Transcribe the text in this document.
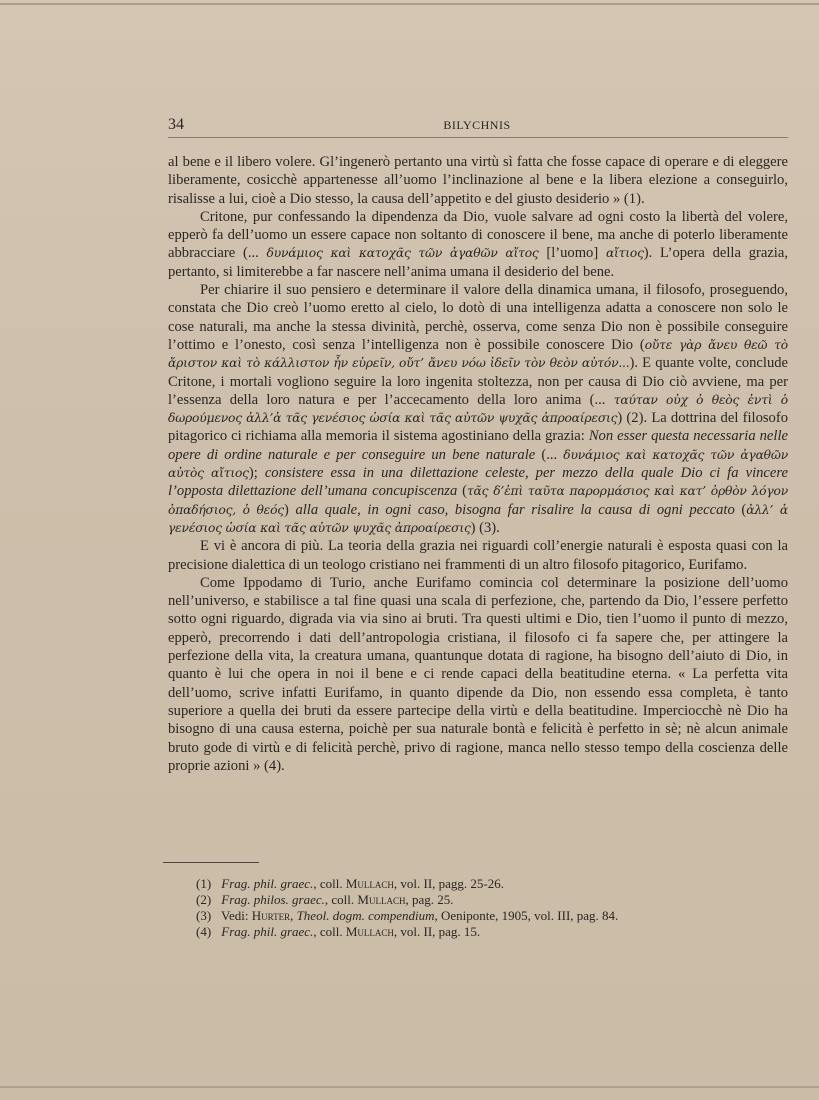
34	BILYCHNIS

al bene e il libero volere. Gl’ingenerò pertanto una virtù sì fatta che fosse capace di operare e di eleggere liberamente, cosicchè appartenesse all’uomo l’inclinazione al bene e la libera elezione a conseguirlo, risalisse a lui, cioè a Dio stesso, la causa dell’appetito e del giusto desiderio » (1).

Critone, pur confessando la dipendenza da Dio, vuole salvare ad ogni costo la libertà del volere, epperò fa dell’uomo un essere capace non soltanto di conoscere il bene, ma anche di poterlo liberamente abbracciare (... δυνάμιος καὶ κατοχᾶς τῶν ἀγαθῶν αἴτος [l’uomo] αἴτιος). L’opera della grazia, pertanto, si limiterebbe a far nascere nell’anima umana il desiderio del bene.

Per chiarire il suo pensiero e determinare il valore della dinamica umana, il filosofo, proseguendo, constata che Dio creò l’uomo eretto al cielo, lo dotò di una intelligenza adatta a conoscere non solo le cose naturali, ma anche la stessa divinità, perchè, osserva, come senza Dio non è possibile conseguire l’ottimo e l’onesto, così senza l’intelligenza non è possibile conoscere Dio (οὔτε γὰρ ἄνευ θεῶ τὸ ἄριστον καὶ τὸ κάλλιστον ἦν εὑρεῖν, οὔτ’ ἄνευ νόω ἰδεῖν τὸν θεὸν αὐτόν...). E quante volte, conclude Critone, i mortali vogliono seguire la loro ingenita stoltezza, non per causa di Dio ciò avviene, ma per l’essenza della loro natura e per l’accecamento della loro anima (... ταύταν οὐχ ὁ θεὸς ἐντὶ ὁ δωρούμενος ἀλλ’ἁ τᾶς γενέσιος ὡσία καὶ τᾶς αὐτῶν ψυχᾶς ἀπροαίρεσις) (2). La dottrina del filosofo pitagorico ci richiama alla memoria il sistema agostiniano della grazia: Non esser questa necessaria nelle opere di ordine naturale e per conseguire un bene naturale (... δυνάμιος καὶ κατοχᾶς τῶν ἀγαθῶν αὐτὸς αἴτιος); consistere essa in una dilettazione celeste, per mezzo della quale Dio ci fa vincere l’opposta dilettazione dell’umana concupiscenza (τᾶς δ’ἐπὶ ταῦτα παρορμάσιος καὶ κατ’ ὀρθὸν λόγον ὁπαδήσιος, ὁ θεός) alla quale, in ogni caso, bisogna far risalire la causa di ogni peccato (ἀλλ’ ἁ γενέσιος ὡσία καὶ τᾶς αὐτῶν ψυχᾶς ἀπροαίρεσις) (3).

E vi è ancora di più. La teoria della grazia nei riguardi coll’energie naturali è esposta quasi con la precisione dialettica di un teologo cristiano nei frammenti di un altro filosofo pitagorico, Eurifamo.

Come Ippodamo di Turio, anche Eurifamo comincia col determinare la posizione dell’uomo nell’universo, e stabilisce a tal fine quasi una scala di perfezione, che, partendo da Dio, l’essere perfetto sotto ogni riguardo, digrada via via sino ai bruti. Tra questi ultimi e Dio, tien l’uomo il punto di mezzo, epperò, precorrendo i dati dell’antropologia cristiana, il filosofo ci fa sapere che, per attingere la perfezione della vita, la creatura umana, quantunque dotata di ragione, ha bisogno dell’aiuto di Dio, in quanto è lui che opera in noi il bene e ci rende capaci della beatitudine eterna. « La perfetta vita dell’uomo, scrive infatti Eurifamo, in quanto dipende da Dio, non essendo essa completa, è tanto superiore a quella dei bruti da essere partecipe della virtù e della beatitudine. Imperciocchè nè Dio ha bisogno di una causa esterna, poichè per sua naturale bontà e felicità è perfetto in sè; nè alcun animale bruto gode di virtù e di felicità perchè, privo di ragione, manca nello stesso tempo della coscienza delle proprie azioni » (4).

(1) Frag. phil. graec., coll. Mullach, vol. II, pagg. 25-26.
(2) Frag. philos. graec., coll. Mullach, pag. 25.
(3) Vedi: Hurter, Theol. dogm. compendium, Oeniponte, 1905, vol. III, pag. 84.
(4) Frag. phil. graec., coll. Mullach, vol. II, pag. 15.
